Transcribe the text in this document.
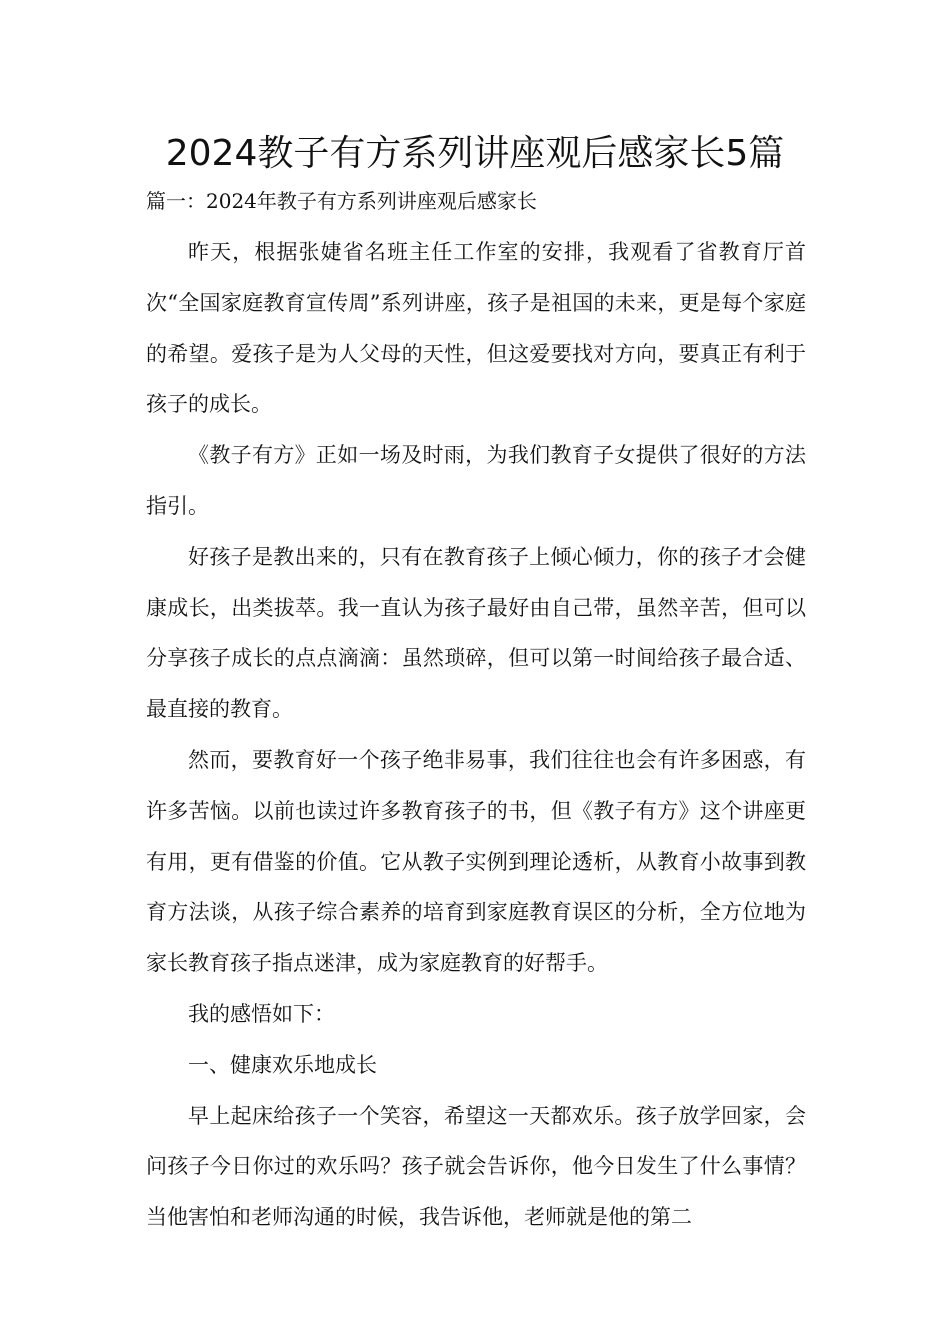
2024教子有方系列讲座观后感家长5篇
篇一：2024年教子有方系列讲座观后感家长

昨天，根据张婕省名班主任工作室的安排，我观看了省教育厅首次“全国家庭教育宣传周”系列讲座，孩子是祖国的未来，更是每个家庭的希望。爱孩子是为人父母的天性，但这爱要找对方向，要真正有利于孩子的成长。

《教子有方》正如一场及时雨，为我们教育子女提供了很好的方法指引。

好孩子是教出来的，只有在教育孩子上倾心倾力，你的孩子才会健康成长，出类拔萃。我一直认为孩子最好由自己带，虽然辛苦，但可以分享孩子成长的点点滴滴：虽然琐碎，但可以第一时间给孩子最合适、最直接的教育。

然而，要教育好一个孩子绝非易事，我们往往也会有许多困惑，有许多苦恼。以前也读过许多教育孩子的书，但《教子有方》这个讲座更有用，更有借鉴的价值。它从教子实例到理论透析，从教育小故事到教育方法谈，从孩子综合素养的培育到家庭教育误区的分析，全方位地为家长教育孩子指点迷津，成为家庭教育的好帮手。

我的感悟如下：

一、健康欢乐地成长

早上起床给孩子一个笑容，希望这一天都欢乐。孩子放学回家，会问孩子今日你过的欢乐吗？孩子就会告诉你，他今日发生了什么事情？当他害怕和老师沟通的时候，我告诉他，老师就是他的第二
